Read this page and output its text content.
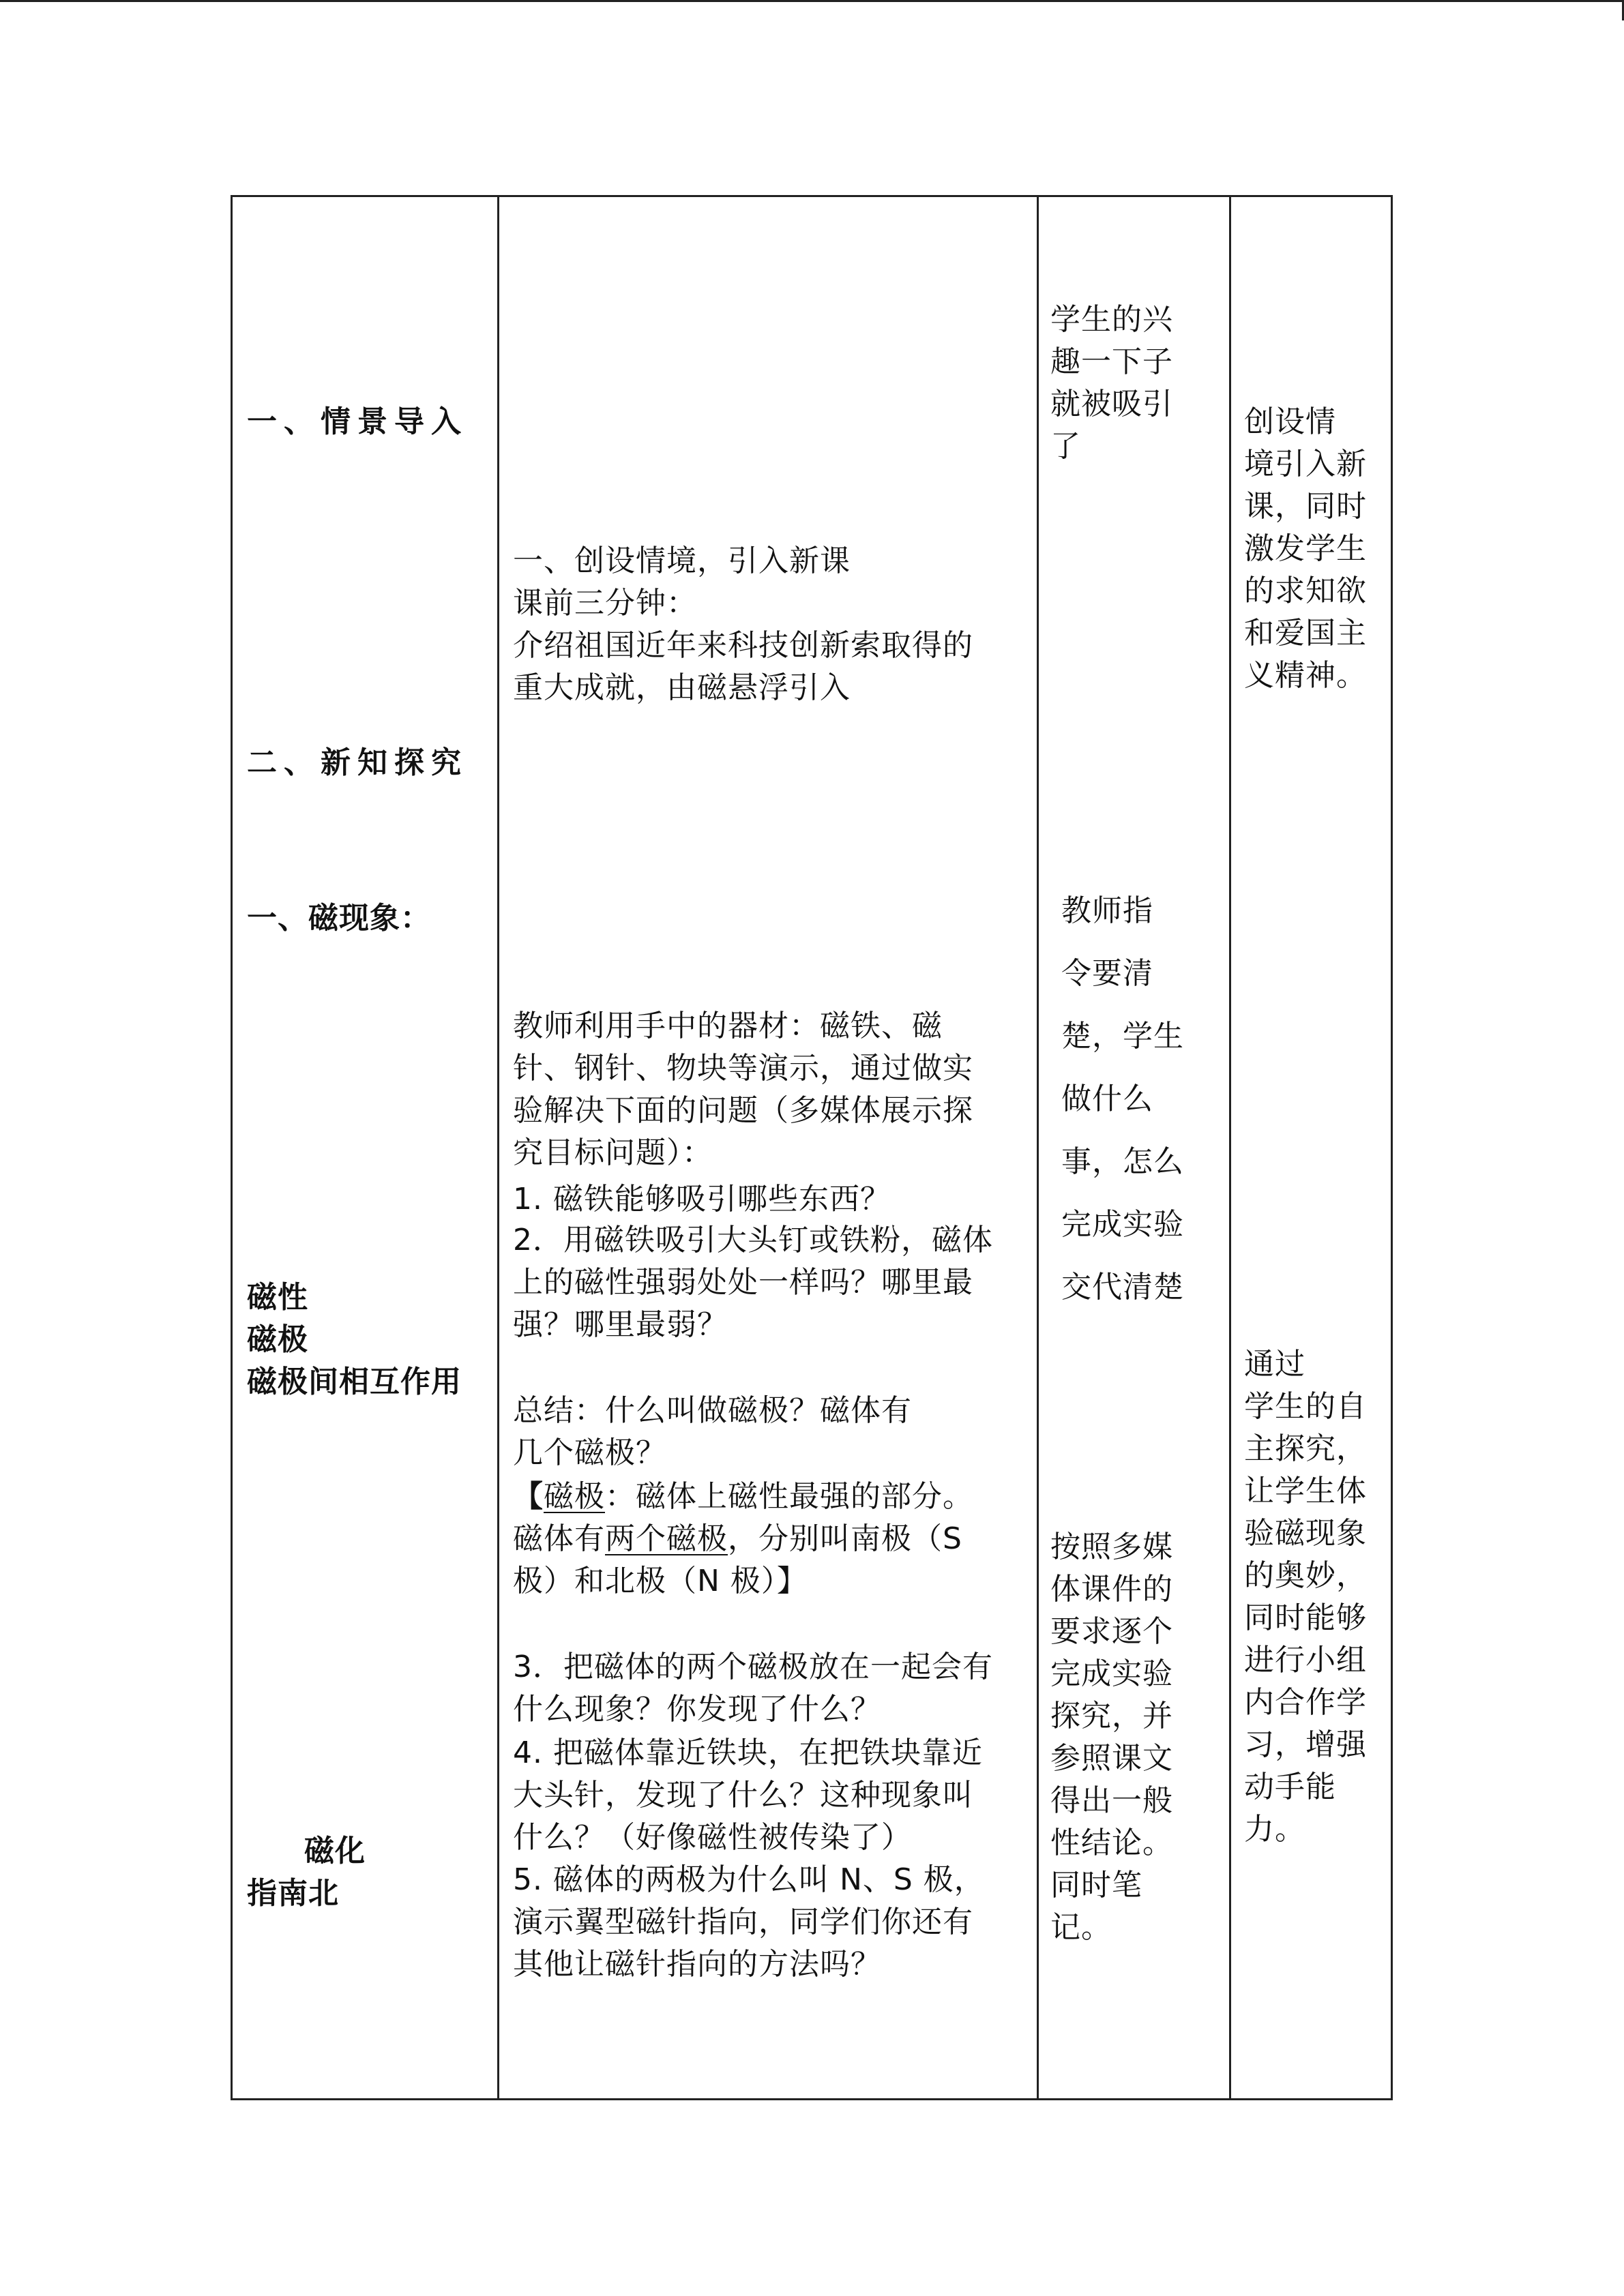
一、情景导入
二、新知探究
一、磁现象：
磁性
磁极
磁极间相互作用
磁化
指南北
一、创设情境，引入新课
课前三分钟：
介绍祖国近年来科技创新索取得的
重大成就，由磁悬浮引入
教师利用手中的器材：磁铁、磁
针、钢针、物块等演示，通过做实
验解决下面的问题（多媒体展示探
究目标问题）：
1. 磁铁能够吸引哪些东西？
2．用磁铁吸引大头钉或铁粉，磁体
上的磁性强弱处处一样吗？哪里最
强？哪里最弱？
总结：什么叫做磁极？磁体有
几个磁极？
【磁极：磁体上磁性最强的部分。
磁体有两个磁极，分别叫南极（S
极）和北极（N 极）】
3．把磁体的两个磁极放在一起会有
什么现象？你发现了什么？
4. 把磁体靠近铁块，在把铁块靠近
大头针，发现了什么？这种现象叫
什么？（好像磁性被传染了）
5. 磁体的两极为什么叫 N、S 极，
演示翼型磁针指向，同学们你还有
其他让磁针指向的方法吗？
学生的兴
趣一下子
就被吸引
了
教师指
令要清
楚，学生
做什么
事，怎么
完成实验
交代清楚
按照多媒
体课件的
要求逐个
完成实验
探究，并
参照课文
得出一般
性结论。
同时笔
记。
创设情
境引入新
课，同时
激发学生
的求知欲
和爱国主
义精神。
通过
学生的自
主探究，
让学生体
验磁现象
的奥妙，
同时能够
进行小组
内合作学
习，增强
动手能
力。
